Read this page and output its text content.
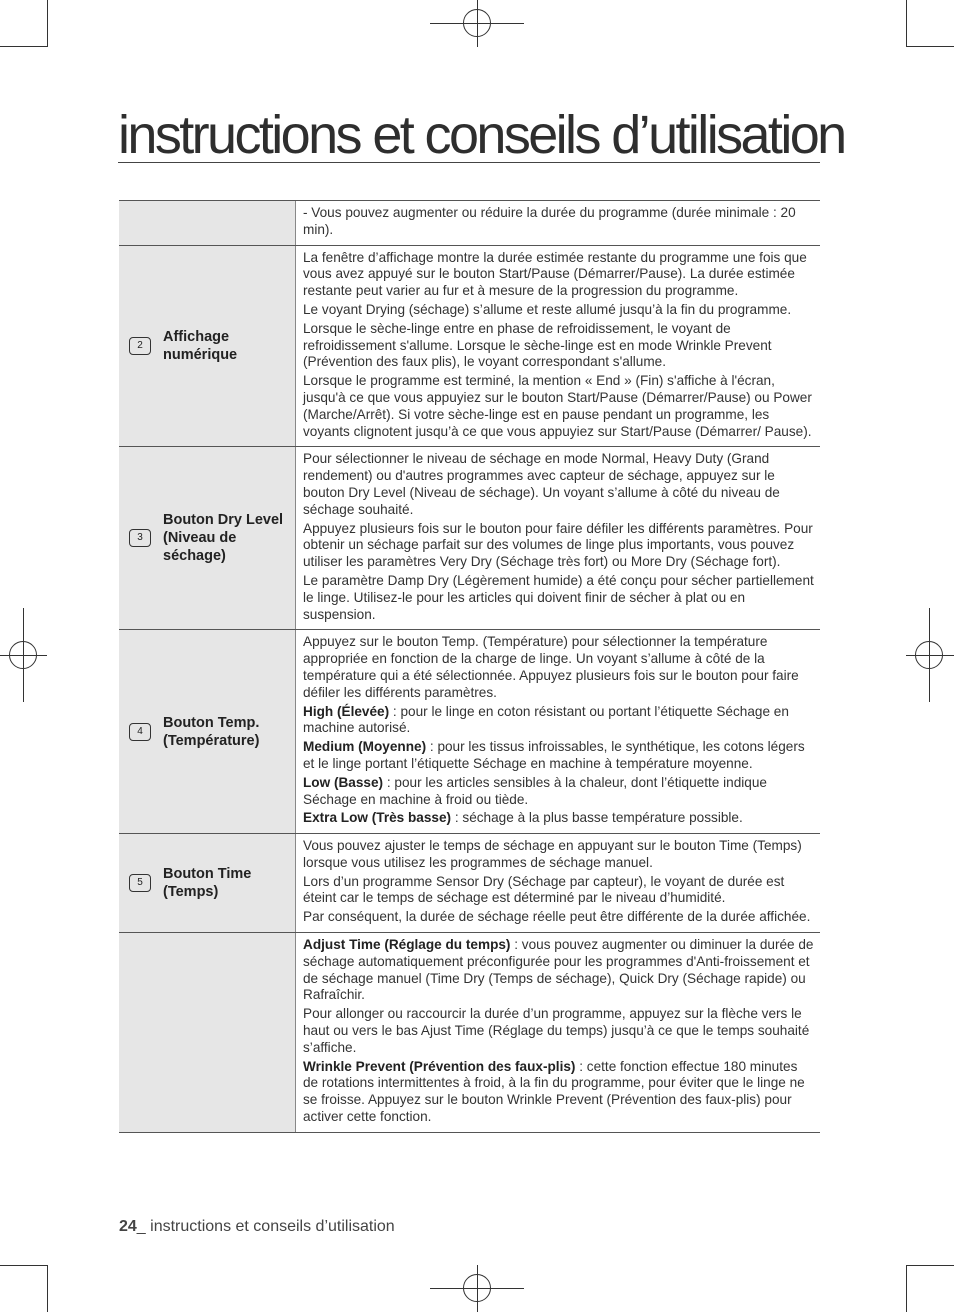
instructions et conseils d’utilisation

- Vous pouvez augmenter ou réduire la durée du programme (durée minimale : 20 min).

2
Affichage numérique

La fenêtre d’affichage montre la durée estimée restante du programme une fois que vous avez appuyé sur le bouton Start/Pause (Démarrer/Pause). La durée estimée restante peut varier au fur et à mesure de la progression du programme.

Le voyant Drying (séchage) s’allume et reste allumé jusqu’à la fin du programme.

Lorsque le sèche-linge entre en phase de refroidissement, le voyant de refroidissement s'allume. Lorsque le sèche-linge est en mode Wrinkle Prevent (Prévention des faux plis), le voyant correspondant s'allume.

Lorsque le programme est terminé, la mention « End » (Fin) s'affiche à l'écran, jusqu'à ce que vous appuyiez sur le bouton Start/Pause (Démarrer/Pause) ou Power (Marche/Arrêt). Si votre sèche-linge est en pause pendant un programme, les voyants clignotent jusqu’à ce que vous appuyiez sur Start/Pause (Démarrer/ Pause).

3
Bouton Dry Level (Niveau de séchage)

Pour sélectionner le niveau de séchage en mode Normal, Heavy Duty (Grand rendement) ou d'autres programmes avec capteur de séchage, appuyez sur le bouton Dry Level (Niveau de séchage). Un voyant s’allume à côté du niveau de séchage souhaité.

Appuyez plusieurs fois sur le bouton pour faire défiler les différents paramètres. Pour obtenir un séchage parfait sur des volumes de linge plus importants, vous pouvez utiliser les paramètres Very Dry (Séchage très fort) ou More Dry (Séchage fort).

Le paramètre Damp Dry (Légèrement humide) a été conçu pour sécher partiellement le linge. Utilisez-le pour les articles qui doivent finir de sécher à plat ou en suspension.

4
Bouton Temp. (Température)

Appuyez sur le bouton Temp. (Température) pour sélectionner la température appropriée en fonction de la charge de linge. Un voyant s’allume à côté de la température qui a été sélectionnée. Appuyez plusieurs fois sur le bouton pour faire défiler les différents paramètres.

High (Élevée) : pour le linge en coton résistant ou portant l’étiquette Séchage en machine autorisé.

Medium (Moyenne) : pour les tissus infroissables, le synthétique, les cotons légers et le linge portant l’étiquette Séchage en machine à température moyenne.

Low (Basse) : pour les articles sensibles à la chaleur, dont l’étiquette indique Séchage en machine à froid ou tiède.

Extra Low (Très basse) : séchage à la plus basse température possible.

5
Bouton Time (Temps)

Vous pouvez ajuster le temps de séchage en appuyant sur le bouton Time (Temps) lorsque vous utilisez les programmes de séchage manuel.

Lors d’un programme Sensor Dry (Séchage par capteur), le voyant de durée est éteint car le temps de séchage est déterminé par le niveau d’humidité.

Par conséquent, la durée de séchage réelle peut être différente de la durée affichée.

Adjust Time (Réglage du temps) : vous pouvez augmenter ou diminuer la durée de séchage automatiquement préconfigurée pour les programmes d'Anti-froissement et de séchage manuel (Time Dry (Temps de séchage), Quick Dry (Séchage rapide) ou Rafraîchir.

Pour allonger ou raccourcir la durée d’un programme, appuyez sur la flèche vers le haut ou vers le bas Ajust Time (Réglage du temps) jusqu’à ce que le temps souhaité s’affiche.

Wrinkle Prevent (Prévention des faux-plis) : cette fonction effectue 180 minutes de rotations intermittentes à froid, à la fin du programme, pour éviter que le linge ne se froisse. Appuyez sur le bouton Wrinkle Prevent (Prévention des faux-plis) pour activer cette fonction.

24_ instructions et conseils d’utilisation
